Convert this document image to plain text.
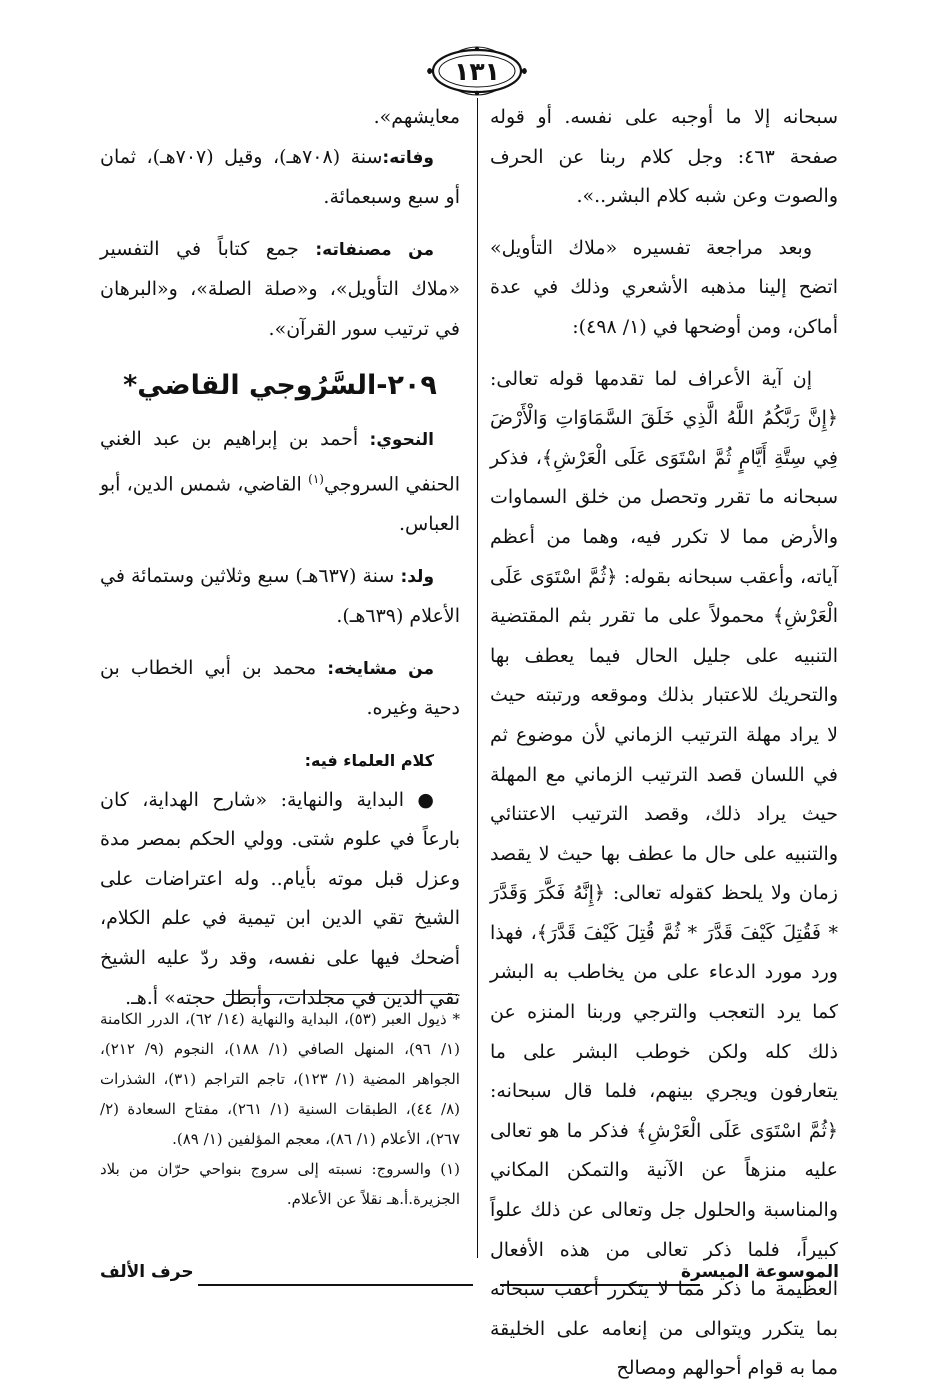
١٣١

سبحانه إلا ما أوجبه على نفسه. أو قوله صفحة ٤٦٣: وجل كلام ربنا عن الحرف والصوت وعن شبه كلام البشر..».

وبعد مراجعة تفسيره «ملاك التأويل» اتضح إلينا مذهبه الأشعري وذلك في عدة أماكن، ومن أوضحها في (١/ ٤٩٨):

إن آية الأعراف لما تقدمها قوله تعالى: ﴿إِنَّ رَبَّكُمُ اللَّهُ الَّذِي خَلَقَ السَّمَاوَاتِ وَالْأَرْضَ فِي سِتَّةِ أَيَّامٍ ثُمَّ اسْتَوَى عَلَى الْعَرْشِ﴾، فذكر سبحانه ما تقرر وتحصل من خلق السماوات والأرض مما لا تكرر فيه، وهما من أعظم آياته، وأعقب سبحانه بقوله: ﴿ثُمَّ اسْتَوَى عَلَى الْعَرْشِ﴾ محمولاً على ما تقرر بثم المقتضية التنبيه على جليل الحال فيما يعطف بها والتحريك للاعتبار بذلك وموقعه ورتبته حيث لا يراد مهلة الترتيب الزماني لأن موضوع ثم في اللسان قصد الترتيب الزماني مع المهلة حيث يراد ذلك، وقصد الترتيب الاعتنائي والتنبيه على حال ما عطف بها حيث لا يقصد زمان ولا يلحظ كقوله تعالى: ﴿إِنَّهُ فَكَّرَ وَقَدَّرَ * فَقُتِلَ كَيْفَ قَدَّرَ * ثُمَّ قُتِلَ كَيْفَ قَدَّرَ﴾، فهذا ورد مورد الدعاء على من يخاطب به البشر كما يرد التعجب والترجي وربنا المنزه عن ذلك كله ولكن خوطب البشر على ما يتعارفون ويجري بينهم، فلما قال سبحانه: ﴿ثُمَّ اسْتَوَى عَلَى الْعَرْشِ﴾ فذكر ما هو تعالى عليه منزهاً عن الآنية والتمكن المكاني والمناسبة والحلول جل وتعالى عن ذلك علواً كبيراً، فلما ذكر تعالى من هذه الأفعال العظيمة ما ذكر مما لا يتكرر أعقب سبحانه بما يتكرر ويتوالى من إنعامه على الخليقة مما به قوام أحوالهم ومصالح

معايشهم».

وفاته:سنة (٧٠٨هـ)، وقيل (٧٠٧هـ)، ثمان أو سبع وسبعمائة.

من مصنفاته: جمع كتاباً في التفسير «ملاك التأويل»، و«صلة الصلة»، و«البرهان في ترتيب سور القرآن».

٢٠٩-السَّرُوجي القاضي*

النحوي: أحمد بن إبراهيم بن عبد الغني الحنفي السروجي$^{(١)}$ القاضي، شمس الدين، أبو العباس.

ولد: سنة (٦٣٧هـ) سبع وثلاثين وستمائة في الأعلام (٦٣٩هـ).

من مشايخه: محمد بن أبي الخطاب بن دحية وغيره.

كلام العلماء فيه:

● البداية والنهاية: «شارح الهداية، كان بارعاً في علوم شتى. وولي الحكم بمصر مدة وعزل قبل موته بأيام.. وله اعتراضات على الشيخ تقي الدين ابن تيمية في علم الكلام، أضحك فيها على نفسه، وقد ردّ عليه الشيخ تقي الدين في مجلدات، وأبطل حجته» أ.هـ.

* ذيول العبر (٥٣)، البداية والنهاية (١٤/ ٦٢)، الدرر الكامنة (١/ ٩٦)، المنهل الصافي (١/ ١٨٨)، النجوم (٩/ ٢١٢)، الجواهر المضية (١/ ١٢٣)، تاجم التراجم (٣١)، الشذرات (٨/ ٤٤)، الطبقات السنية (١/ ٢٦١)، مفتاح السعادة (٢/ ٢٦٧)، الأعلام (١/ ٨٦)، معجم المؤلفين (١/ ٨٩).

(١) والسروج: نسبته إلى سروج بنواحي حرّان من بلاد الجزيرة.أ.هـ نقلاً عن الأعلام.

الموسوعة الميسرة
حرف الألف
